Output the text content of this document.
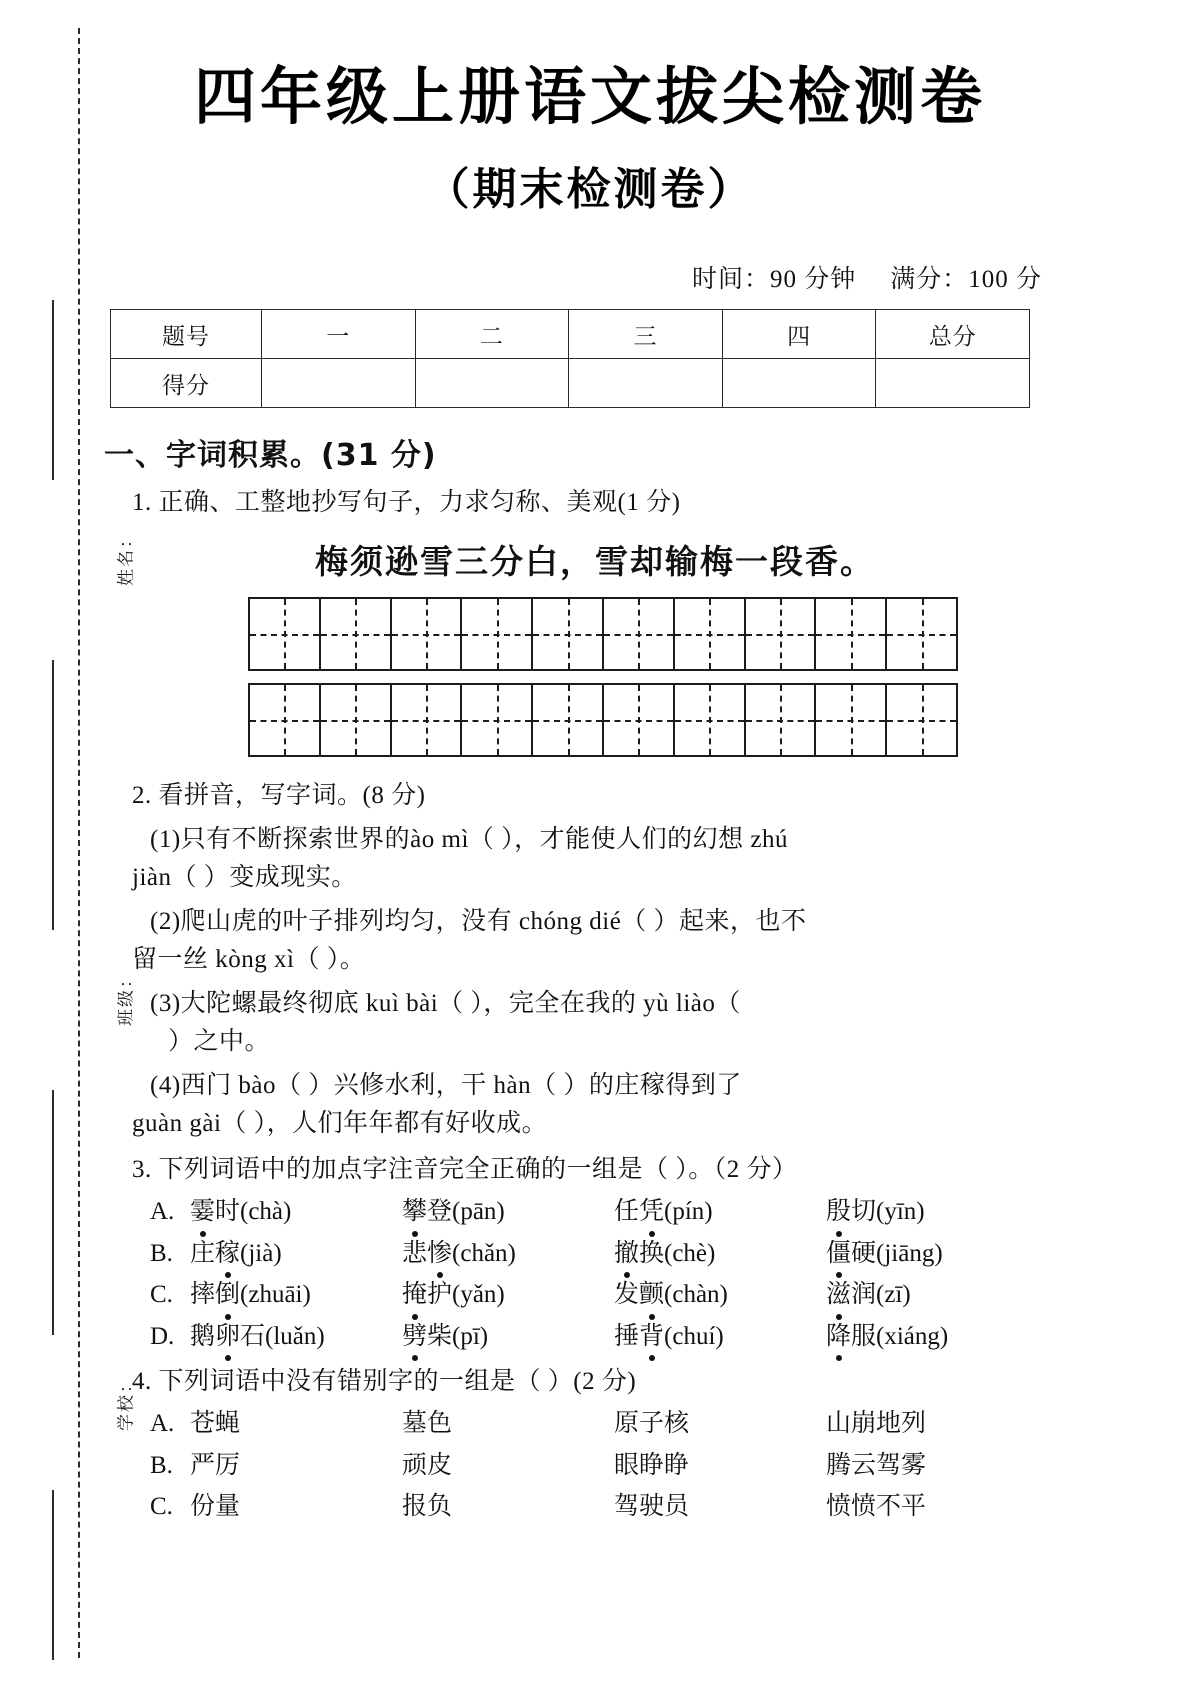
姓名：
班级：
学校：
四年级上册语文拔尖检测卷
（期末检测卷）
时间：90 分钟 满分：100 分
题号	一	二	三	四	总分
得分					
一、字词积累。(31 分)
1. 正确、工整地抄写句子，力求匀称、美观(1 分)
梅须逊雪三分白，雪却输梅一段香。
2. 看拼音，写字词。(8 分)
(1)只有不断探索世界的ào mì（ ），才能使人们的幻想 zhú
jiàn（ ）变成现实。
(2)爬山虎的叶子排列均匀，没有 chóng dié（ ）起来，也不
留一丝 kòng xì（ ）。
(3)大陀螺最终彻底 kuì bài（ ），完全在我的 yù liào（
）之中。
(4)西门 bào（ ）兴修水利，干 hàn（ ）的庄稼得到了
guàn gài（ ），人们年年都有好收成。
3. 下列词语中的加点字注音完全正确的一组是（ ）。（2 分）
A. 霎时(chà)	攀登(pān)	任凭(pín)	殷切(yīn)
B. 庄稼(jià)	悲惨(chǎn)	撤换(chè)	僵硬(jiāng)
C. 摔倒(zhuāi)	掩护(yǎn)	发颤(chàn)	滋润(zī)
D. 鹅卵石(luǎn)	劈柴(pī)	捶背(chuí)	降服(xiáng)
4. 下列词语中没有错别字的一组是（ ）(2 分)
A. 苍蝇	墓色	原子核	山崩地列
B. 严厉	顽皮	眼睁睁	腾云驾雾
C. 份量	报负	驾驶员	愤愤不平
